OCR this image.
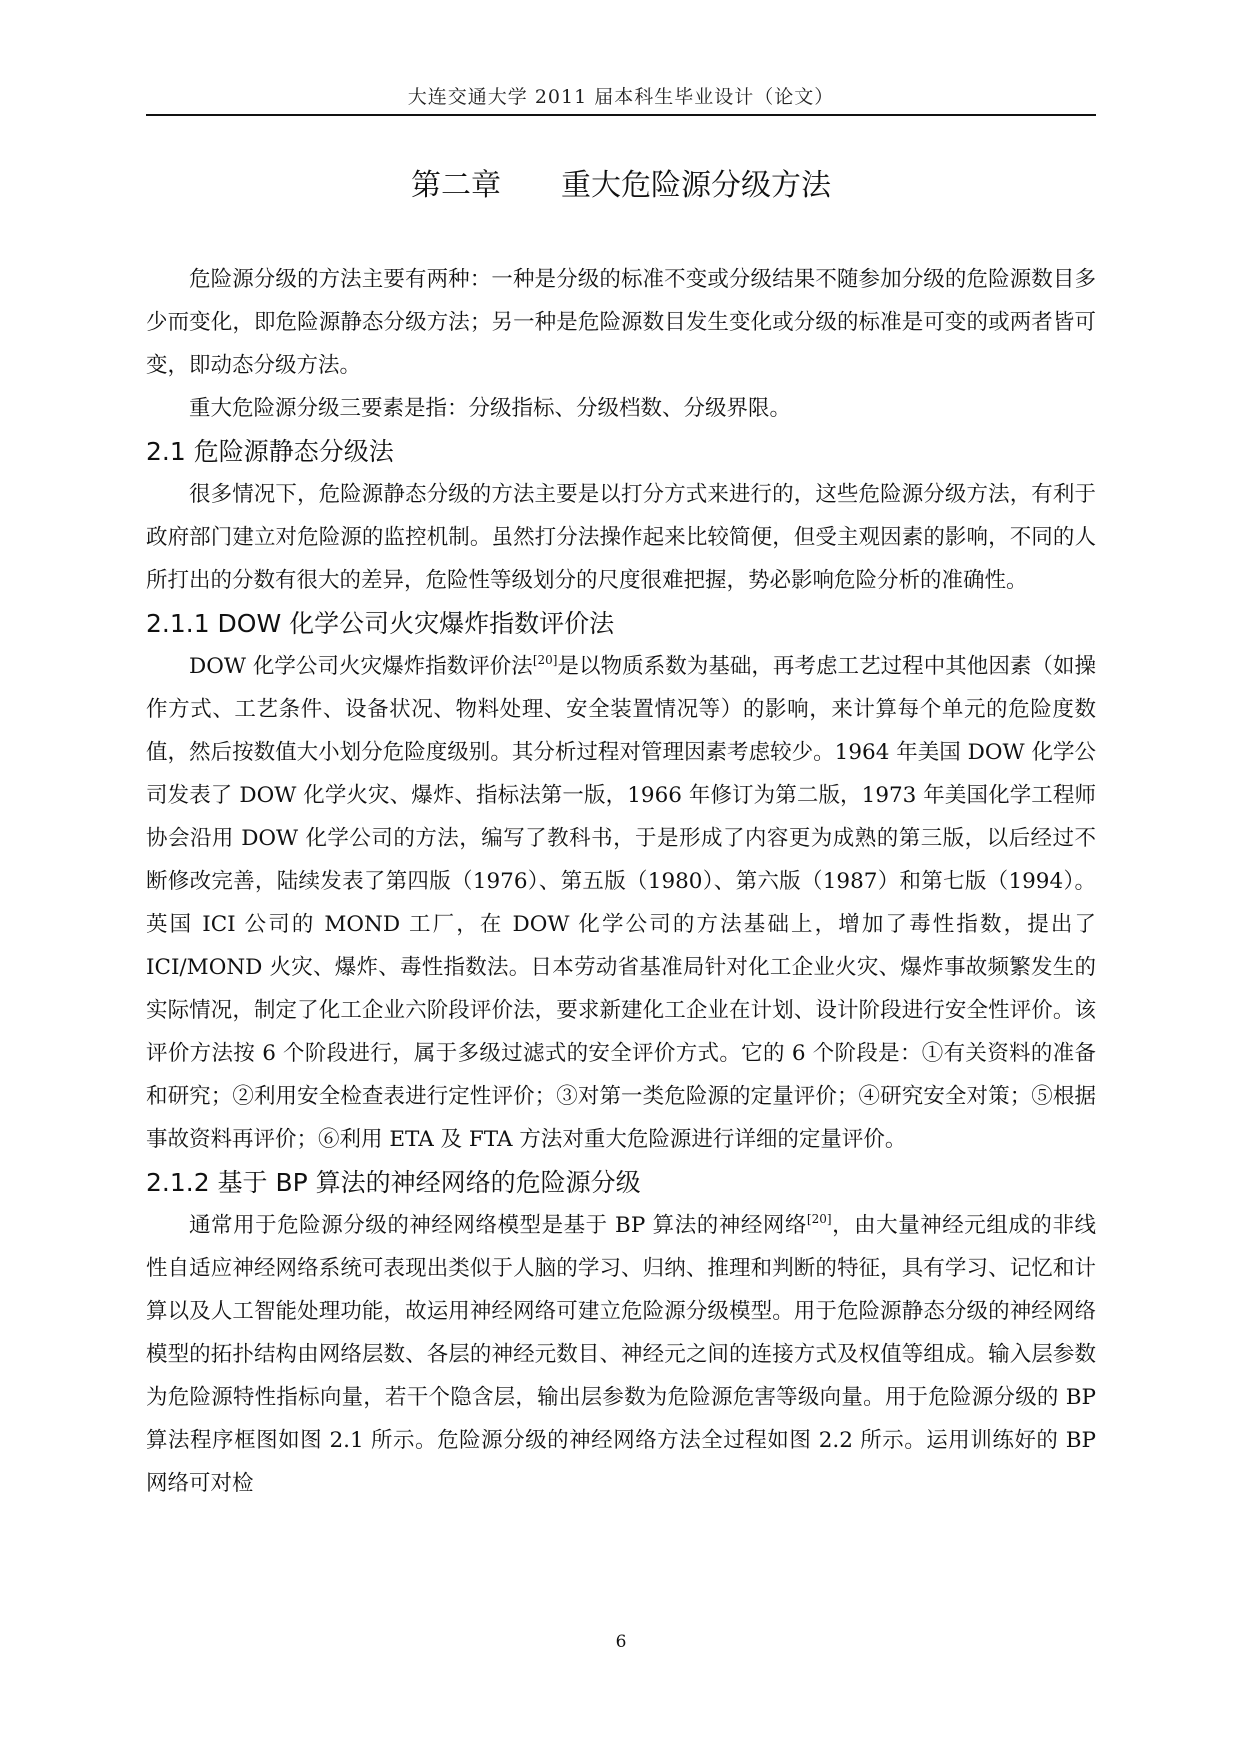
大连交通大学 2011 届本科生毕业设计（论文）
第二章 重大危险源分级方法

危险源分级的方法主要有两种：一种是分级的标准不变或分级结果不随参加分级的危险源数目多少而变化，即危险源静态分级方法；另一种是危险源数目发生变化或分级的标准是可变的或两者皆可变，即动态分级方法。

重大危险源分级三要素是指：分级指标、分级档数、分级界限。

2.1 危险源静态分级法

很多情况下，危险源静态分级的方法主要是以打分方式来进行的，这些危险源分级方法，有利于政府部门建立对危险源的监控机制。虽然打分法操作起来比较简便，但受主观因素的影响，不同的人所打出的分数有很大的差异，危险性等级划分的尺度很难把握，势必影响危险分析的准确性。

2.1.1 DOW 化学公司火灾爆炸指数评价法

DOW 化学公司火灾爆炸指数评价法[20]是以物质系数为基础，再考虑工艺过程中其他因素（如操作方式、工艺条件、设备状况、物料处理、安全装置情况等）的影响，来计算每个单元的危险度数值，然后按数值大小划分危险度级别。其分析过程对管理因素考虑较少。1964 年美国 DOW 化学公司发表了 DOW 化学火灾、爆炸、指标法第一版，1966 年修订为第二版，1973 年美国化学工程师协会沿用 DOW 化学公司的方法，编写了教科书，于是形成了内容更为成熟的第三版，以后经过不断修改完善，陆续发表了第四版（1976）、第五版（1980）、第六版（1987）和第七版（1994）。英国 ICI 公司的 MOND 工厂，在 DOW 化学公司的方法基础上，增加了毒性指数，提出了 ICI/MOND 火灾、爆炸、毒性指数法。日本劳动省基准局针对化工企业火灾、爆炸事故频繁发生的实际情况，制定了化工企业六阶段评价法，要求新建化工企业在计划、设计阶段进行安全性评价。该评价方法按 6 个阶段进行，属于多级过滤式的安全评价方式。它的 6 个阶段是：①有关资料的准备和研究；②利用安全检查表进行定性评价；③对第一类危险源的定量评价；④研究安全对策；⑤根据事故资料再评价；⑥利用 ETA 及 FTA 方法对重大危险源进行详细的定量评价。

2.1.2 基于 BP 算法的神经网络的危险源分级

通常用于危险源分级的神经网络模型是基于 BP 算法的神经网络[20]，由大量神经元组成的非线性自适应神经网络系统可表现出类似于人脑的学习、归纳、推理和判断的特征，具有学习、记忆和计算以及人工智能处理功能，故运用神经网络可建立危险源分级模型。用于危险源静态分级的神经网络模型的拓扑结构由网络层数、各层的神经元数目、神经元之间的连接方式及权值等组成。输入层参数为危险源特性指标向量，若干个隐含层，输出层参数为危险源危害等级向量。用于危险源分级的 BP 算法程序框图如图 2.1 所示。危险源分级的神经网络方法全过程如图 2.2 所示。运用训练好的 BP 网络可对检

6
